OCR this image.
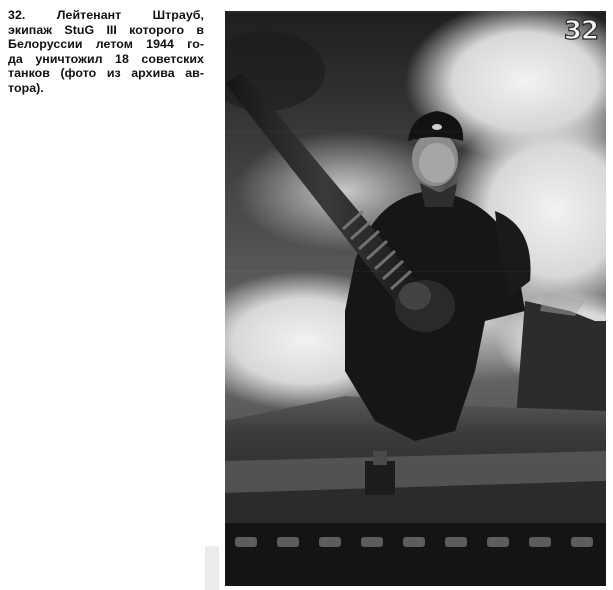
32.	Лейтенант Штрауб,
экипаж StuG III которого в
Белоруссии летом 1944 го-
да уничтожил 18 советских
танков (фото из архива ав-
тора).
32
